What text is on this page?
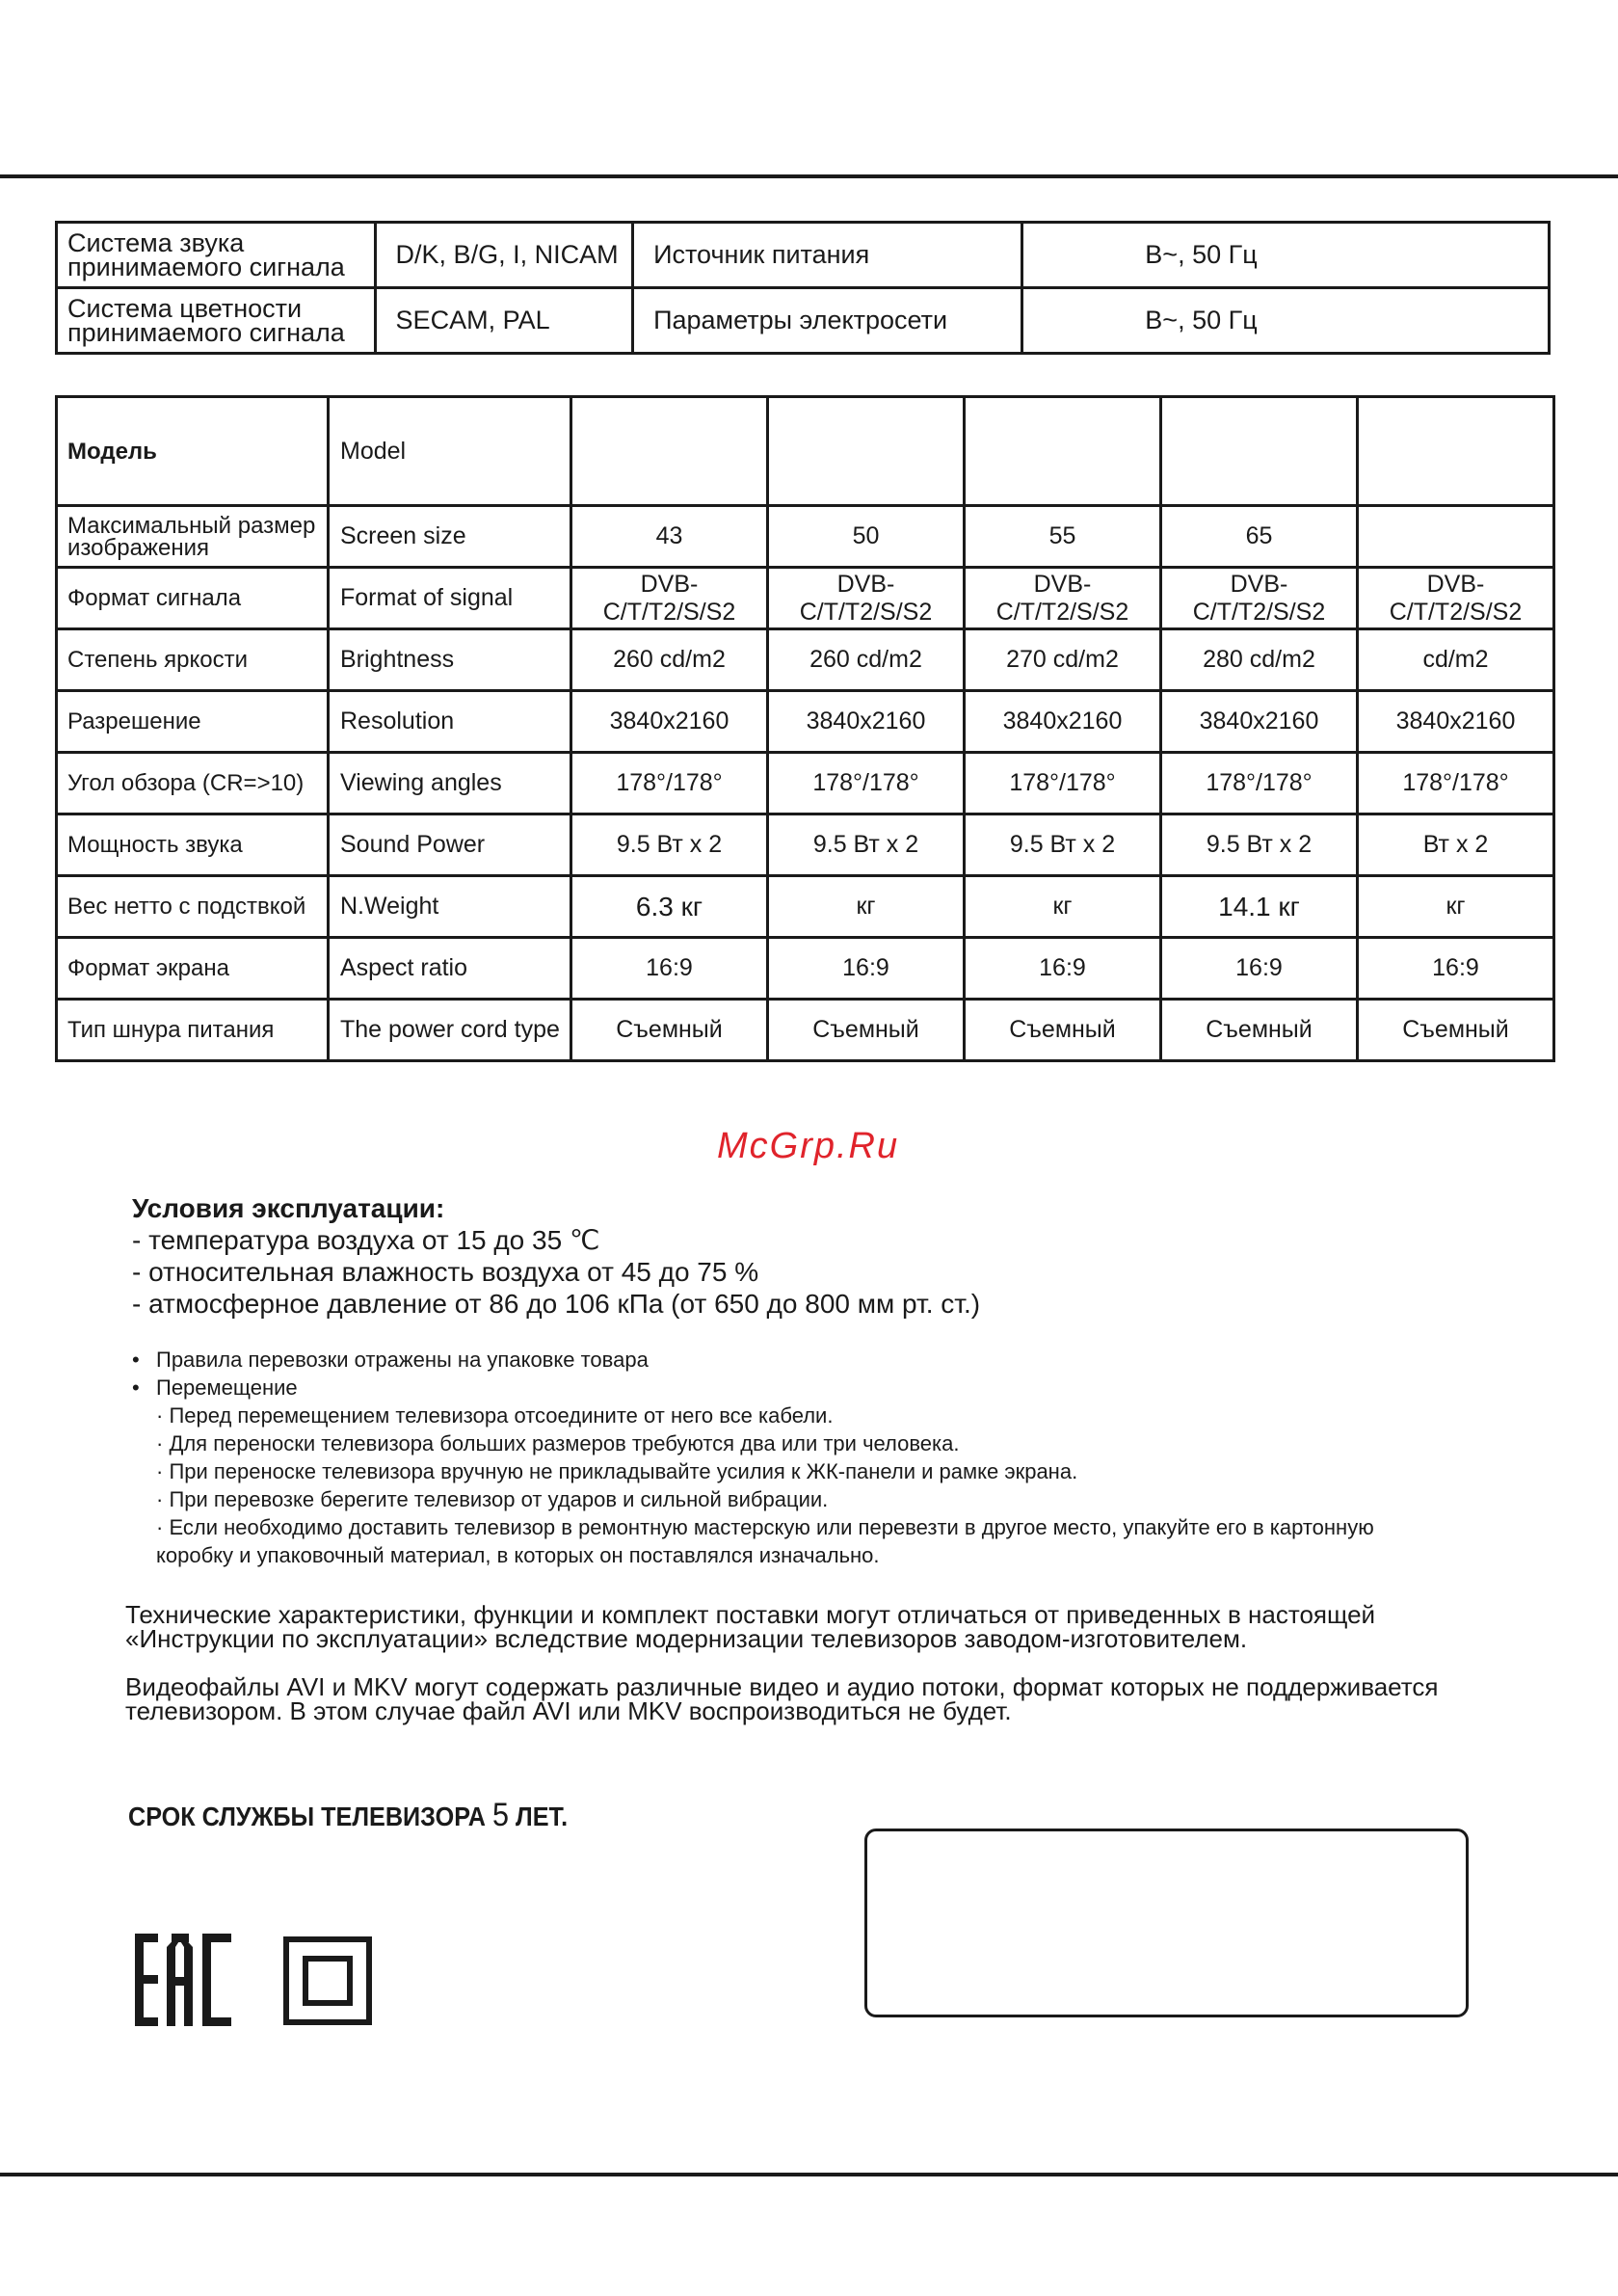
Система звука
принимаемого сигнала	D/K, B/G, I, NICAM	Источник питания	В~, 50 Гц
Система цветности
принимаемого сигнала	SECAM, PAL	Параметры электросети	В~, 50 Гц
Модель	Model					
Максимальный размер
изображения	Screen size	43	50	55	65	
Формат сигнала	Format of signal	DVB-C/T/T2/S/S2	DVB-C/T/T2/S/S2	DVB-C/T/T2/S/S2	DVB-C/T/T2/S/S2	DVB-C/T/T2/S/S2
Степень яркости	Brightness	260 cd/m2	260 cd/m2	270 cd/m2	280 cd/m2	cd/m2
Разрешение	Resolution	3840x2160	3840x2160	3840x2160	3840x2160	3840x2160
Угол обзора (CR=>10)	Viewing angles	178°/178°	178°/178°	178°/178°	178°/178°	178°/178°
Мощность звука	Sound Power	9.5 Вт х 2	9.5 Вт х 2	9.5 Вт х 2	9.5 Вт х 2	Вт х 2
Вес нетто с подствкой	N.Weight	6.3 кг	кг	кг	14.1 кг	кг
Формат экрана	Aspect ratio	16:9	16:9	16:9	16:9	16:9
Тип шнура питания	The power cord type	Съемный	Съемный	Съемный	Съемный	Съемный
McGrp.Ru
Условия эксплуатации:
- температура воздуха от 15 до 35 ℃
- относительная влажность воздуха от 45 до 75 %
- атмосферное давление от 86 до 106 кПа (от 650 до 800 мм рт. ст.)
• Правила перевозки отражены на упаковке товара
• Перемещение
· Перед перемещением телевизора отсоедините от него все кабели.
· Для переноски телевизора больших размеров требуются два или три человека.
· При переноске телевизора вручную не прикладывайте усилия к ЖК-панели и рамке экрана.
· При перевозке берегите телевизор от ударов и сильной вибрации.
· Если необходимо доставить телевизор в ремонтную мастерскую или перевезти в другое место, упакуйте его в картонную
коробку и упаковочный материал, в которых он поставлялся изначально.
Технические характеристики, функции и комплект поставки могут отличаться от приведенных в настоящей «Инструкции по эксплуатации» вследствие модернизации телевизоров заводом-изготовителем.
Видеофайлы AVI и MKV могут содержать различные видео и аудио потоки, формат которых не поддерживается телевизором. В этом случае файл AVI или MKV воспроизводиться не будет.
СРОК СЛУЖБЫ ТЕЛЕВИЗОРА 5 ЛЕТ.
